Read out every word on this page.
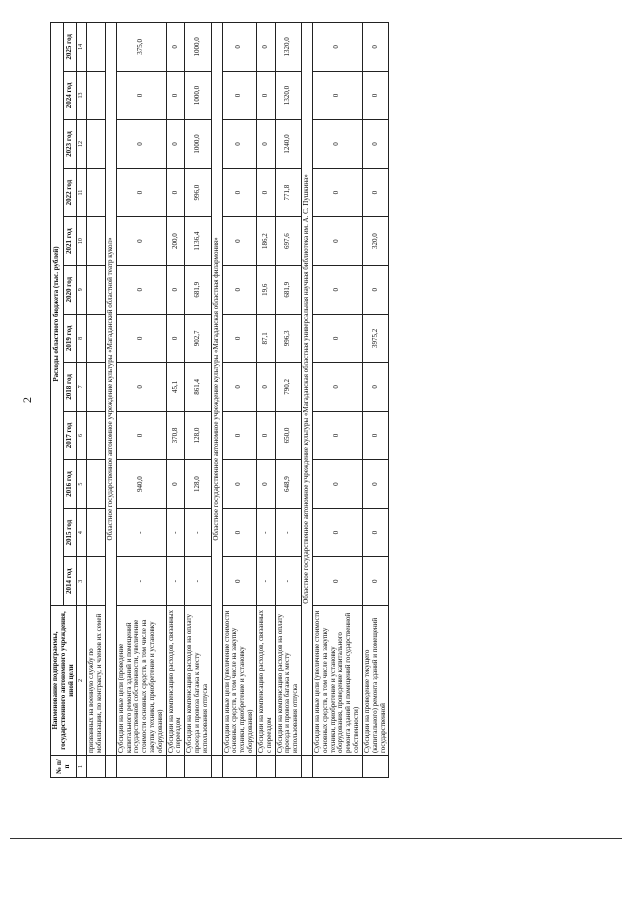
2
№ п/п	Наименование подпрограммы, государственного автономного учреждения, иной цели	Расходы областного бюджета (тыс. рублей)											
		2014 год	2015 год	2016 год	2017 год	2018 год	2019 год	2020 год	2021 год	2022 год	2023 год	2024 год	2025 год
1	2	3	4	5	6	7	8	9	10	11	12	13	14
	призванных на военную службу по мобилизации, по контракту, и членов их семей												
	Областное государственное автономное учреждение культуры «Магаданский областной театр кукол»												
	Субсидии на иные цели (проведение капитального ремонта зданий и помещений государственной собственности, увеличение стоимости основных средств, в том числе на закупку техники, приобретение и установку оборудования)	-	-	940,0	0	0	0	0	0	0	0	0	375,0
	Субсидии на компенсацию расходов, связанных с переездом	-	-	0	370,8	45,1	0	0	200,0	0	0	0	0
	Субсидии на компенсацию расходов на оплату проезда и провоза багажа к месту использования отпуска	-	-	128,0	128,0	861,4	902,7	681,9	1136,4	996,0	1000,0	1000,0	1000,0
	Областное государственное автономное учреждение культуры «Магаданская областная филармония»												
	Субсидии на иные цели (увеличение стоимости основных средств, в том числе на закупку техники, приобретение и установку оборудования)	0	0	0	0	0	0	0	0	0	0	0	0
	Субсидии на компенсацию расходов, связанных с переездом	-	-	0	0	0	87,1	19,6	186,2	0	0	0	0
	Субсидии на компенсацию расходов на оплату проезда и провоза багажа к месту использования отпуска	-	-	648,9	650,0	790,2	996,3	681,9	697,6	771,8	1240,0	1320,0	1320,0
	Областное государственное автономное учреждение культуры «Магаданская областная универсальная научная библиотека им. А. С. Пушкина»												
	Субсидии на иные цели (увеличение стоимости основных средств, в том числе на закупку техники, приобретение и установку оборудования, проведение капитального ремонта зданий и помещений государственной собственности)	0	0	0	0	0	0	0	0	0	0	0	0
	Субсидии на проведение текущего (капитального) ремонта зданий и помещений государственной	0	0	0	0	0	3975,2	0	320,0	0	0	0	0
